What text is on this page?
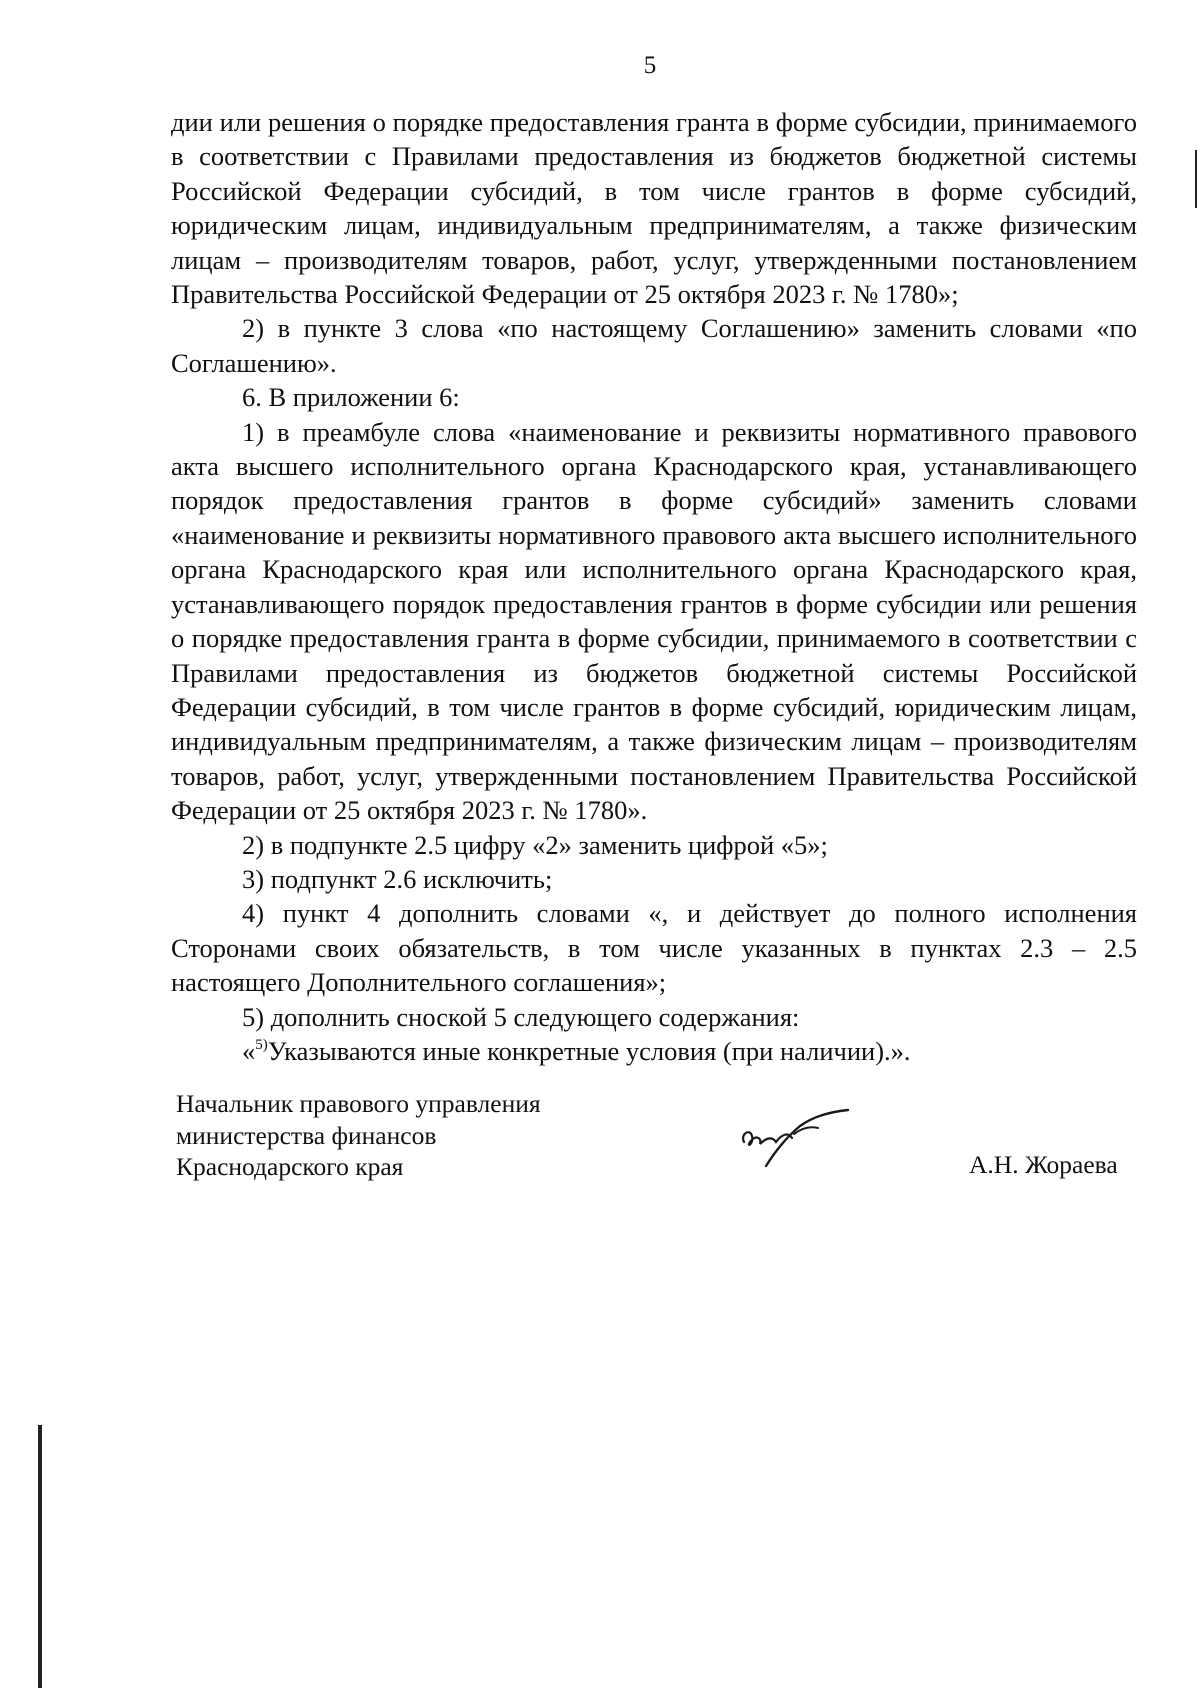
5

дии или решения о порядке предоставления гранта в форме субсидии, принимаемого в соответствии с Правилами предоставления из бюджетов бюджетной системы Российской Федерации субсидий, в том числе грантов в форме субсидий, юридическим лицам, индивидуальным предпринимателям, а также физическим лицам – производителям товаров, работ, услуг, утвержденными постановлением Правительства Российской Федерации от 25 октября 2023 г. № 1780»;

2) в пункте 3 слова «по настоящему Соглашению» заменить словами «по Соглашению».

6. В приложении 6:

1) в преамбуле слова «наименование и реквизиты нормативного правового акта высшего исполнительного органа Краснодарского края, устанавливающего порядок предоставления грантов в форме субсидий» заменить словами «наименование и реквизиты нормативного правового акта высшего исполнительного органа Краснодарского края или исполнительного органа Краснодарского края, устанавливающего порядок предоставления грантов в форме субсидии или решения о порядке предоставления гранта в форме субсидии, принимаемого в соответствии с Правилами предоставления из бюджетов бюджетной системы Российской Федерации субсидий, в том числе грантов в форме субсидий, юридическим лицам, индивидуальным предпринимателям, а также физическим лицам – производителям товаров, работ, услуг, утвержденными постановлением Правительства Российской Федерации от 25 октября 2023 г. № 1780».

2) в подпункте 2.5 цифру «2» заменить цифрой «5»;

3) подпункт 2.6 исключить;

4) пункт 4 дополнить словами «, и действует до полного исполнения Сторонами своих обязательств, в том числе указанных в пунктах 2.3 – 2.5 настоящего Дополнительного соглашения»;

5) дополнить сноской 5 следующего содержания:

«$^{5)}$Указываются иные конкретные условия (при наличии).».

Начальник правового управления
министерства финансов
Краснодарского края	А.Н. Жораева
